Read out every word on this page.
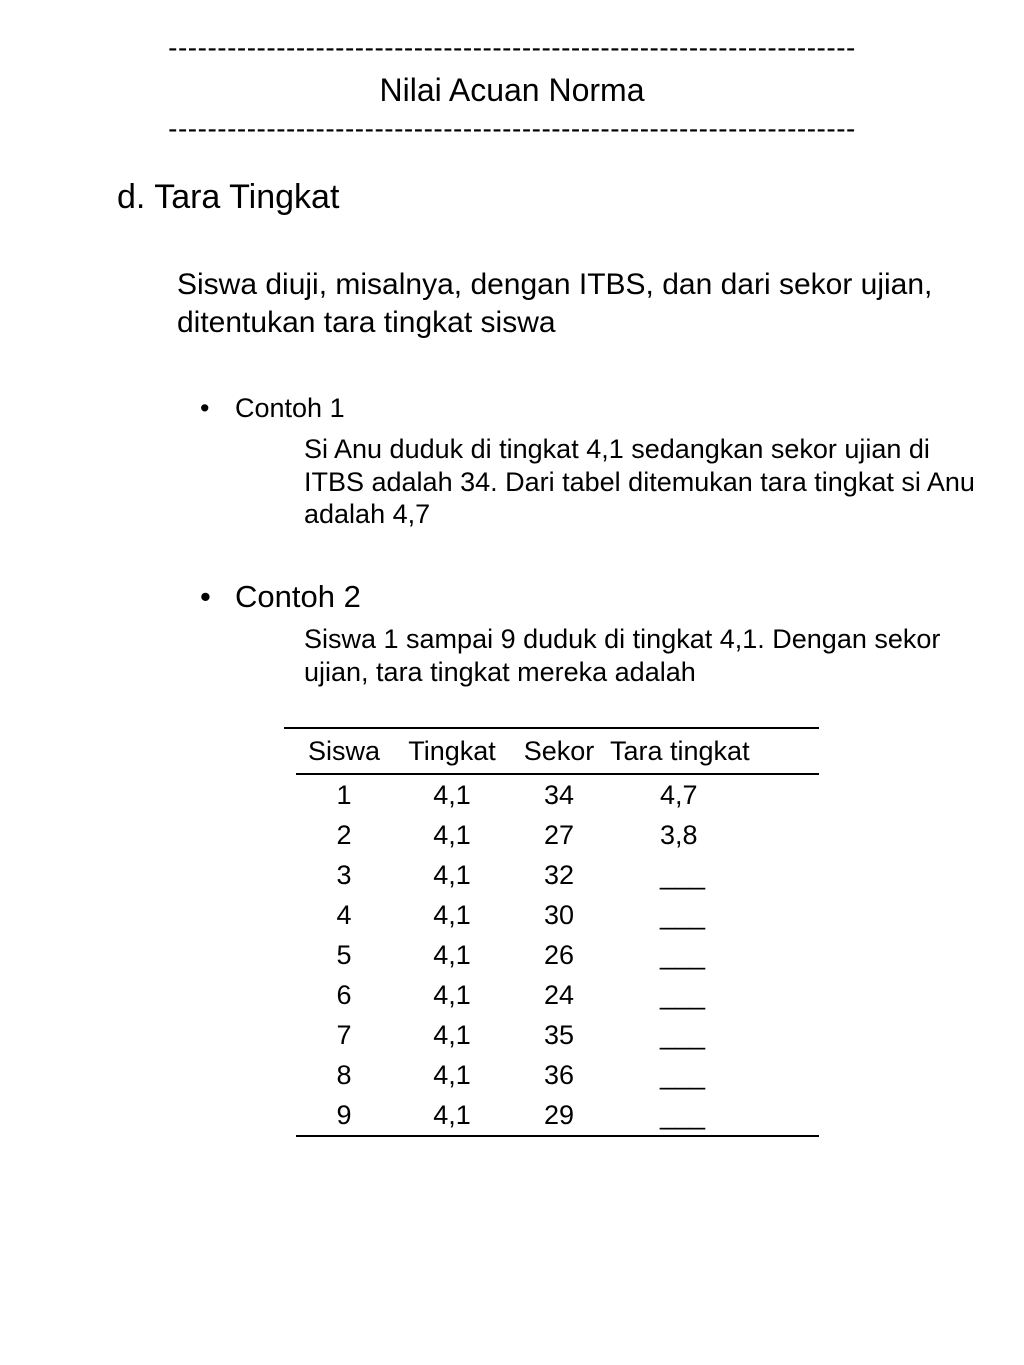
----------------------------------------------------------------------
Nilai Acuan Norma
----------------------------------------------------------------------
d. Tara Tingkat
Siswa diuji, misalnya, dengan ITBS, dan dari sekor ujian, ditentukan tara tingkat siswa
• Contoh 1
Si Anu duduk di tingkat 4,1 sedangkan sekor ujian di ITBS adalah 34. Dari tabel ditemukan tara tingkat si Anu adalah 4,7
• Contoh 2
Siswa 1 sampai 9 duduk di tingkat 4,1. Dengan sekor ujian, tara tingkat mereka adalah
Siswa	Tingkat	Sekor	Tara tingkat
1	4,1	34	4,7
2	4,1	27	3,8
3	4,1	32	___
4	4,1	30	___
5	4,1	26	___
6	4,1	24	___
7	4,1	35	___
8	4,1	36	___
9	4,1	29	___
